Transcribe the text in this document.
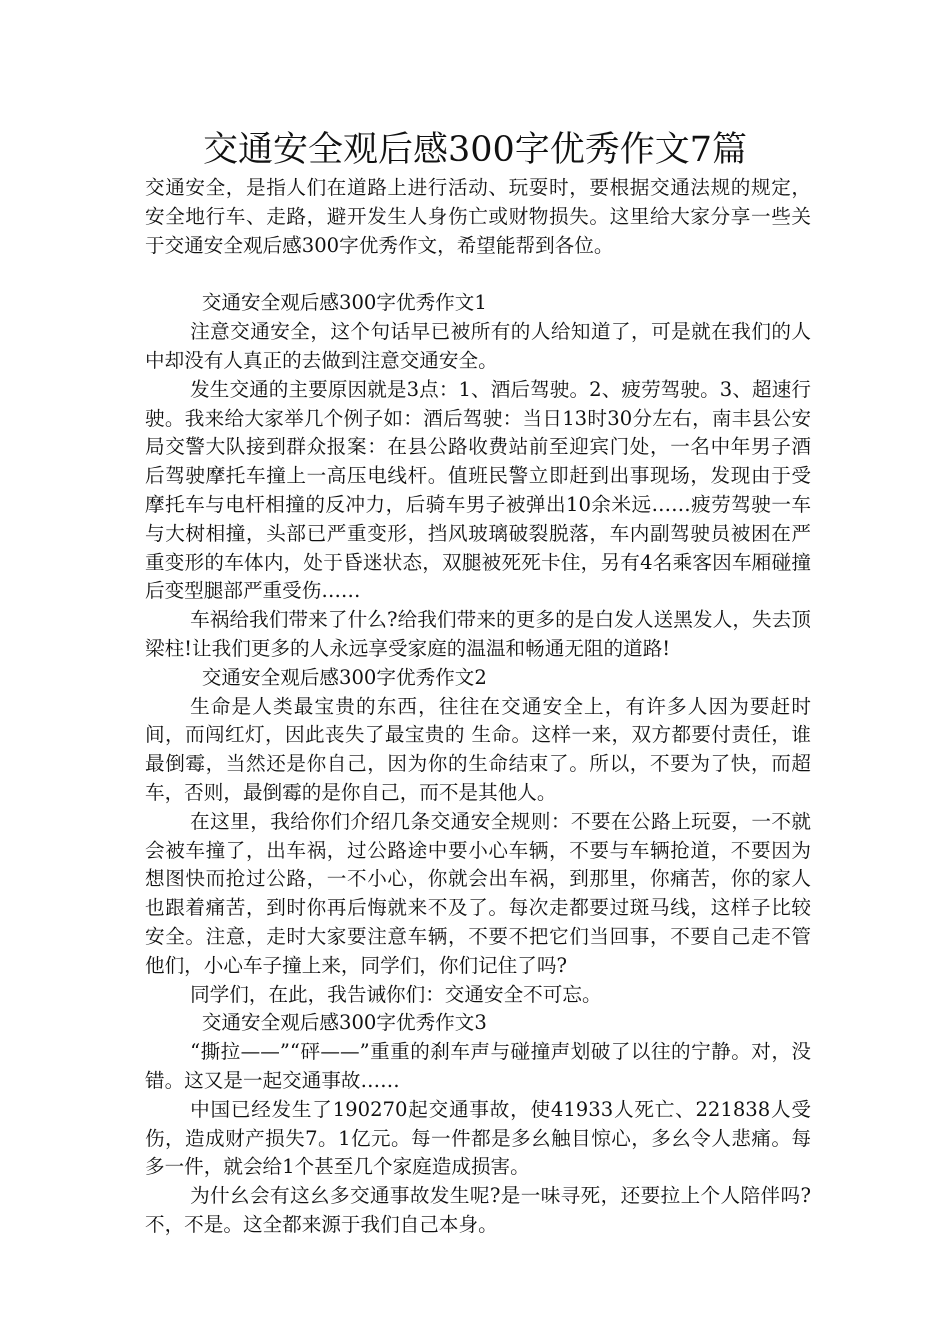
交通安全观后感300字优秀作文7篇

交通安全，是指人们在道路上进行活动、玩耍时，要根据交通法规的规定，安全地行车、走路，避开发生人身伤亡或财物损失。这里给大家分享一些关于交通安全观后感300字优秀作文，希望能帮到各位。

交通安全观后感300字优秀作文1

注意交通安全，这个句话早已被所有的人给知道了，可是就在我们的人中却没有人真正的去做到注意交通安全。

发生交通的主要原因就是3点：1、酒后驾驶。2、疲劳驾驶。3、超速行驶。我来给大家举几个例子如：酒后驾驶：当日13时30分左右，南丰县公安局交警大队接到群众报案：在县公路收费站前至迎宾门处，一名中年男子酒后驾驶摩托车撞上一高压电线杆。值班民警立即赶到出事现场，发现由于受摩托车与电杆相撞的反冲力，后骑车男子被弹出10余米远……疲劳驾驶一车与大树相撞，头部已严重变形，挡风玻璃破裂脱落，车内副驾驶员被困在严重变形的车体内，处于昏迷状态，双腿被死死卡住，另有4名乘客因车厢碰撞后变型腿部严重受伤……

车祸给我们带来了什么?给我们带来的更多的是白发人送黑发人，失去顶梁柱!让我们更多的人永远享受家庭的温温和畅通无阻的道路!

交通安全观后感300字优秀作文2

生命是人类最宝贵的东西，往往在交通安全上，有许多人因为要赶时间，而闯红灯，因此丧失了最宝贵的 生命。这样一来，双方都要付责任，谁最倒霉，当然还是你自己，因为你的生命结束了。所以，不要为了快，而超车，否则，最倒霉的是你自己，而不是其他人。

在这里，我给你们介绍几条交通安全规则：不要在公路上玩耍，一不就会被车撞了，出车祸，过公路途中要小心车辆，不要与车辆抢道，不要因为想图快而抢过公路，一不小心，你就会出车祸，到那里，你痛苦，你的家人也跟着痛苦，到时你再后悔就来不及了。每次走都要过斑马线，这样子比较安全。注意，走时大家要注意车辆，不要不把它们当回事，不要自己走不管他们，小心车子撞上来，同学们，你们记住了吗?

同学们，在此，我告诫你们：交通安全不可忘。

交通安全观后感300字优秀作文3

“撕拉——”“砰——”重重的刹车声与碰撞声划破了以往的宁静。对，没错。这又是一起交通事故……

中国已经发生了190270起交通事故，使41933人死亡、221838人受伤，造成财产损失7。1亿元。每一件都是多幺触目惊心，多幺令人悲痛。每多一件，就会给1个甚至几个家庭造成损害。

为什幺会有这幺多交通事故发生呢?是一味寻死，还要拉上个人陪伴吗?不，不是。这全都来源于我们自己本身。
